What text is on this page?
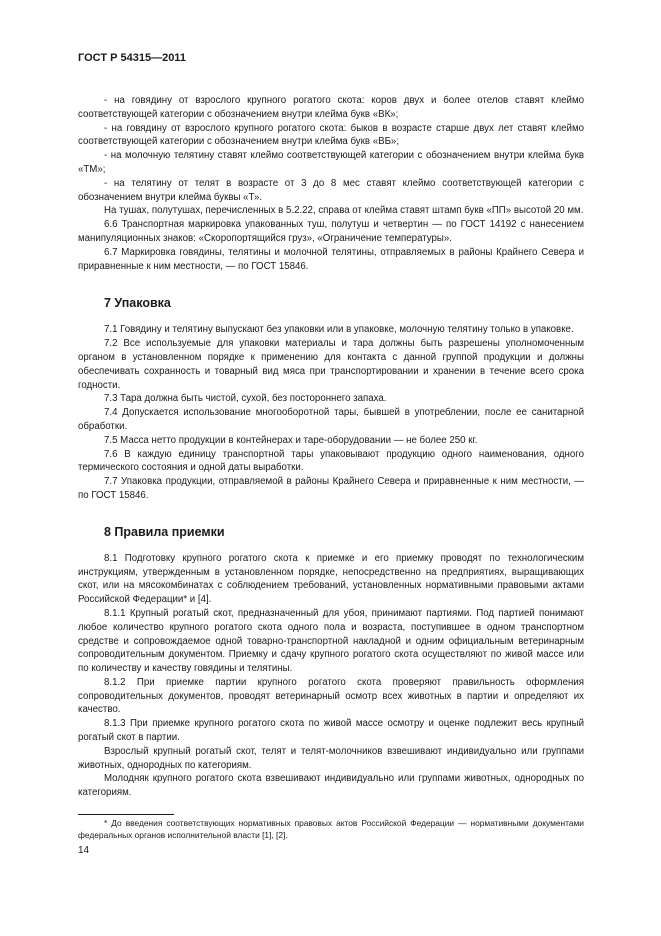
ГОСТ Р 54315—2011

- на говядину от взрослого крупного рогатого скота: коров двух и более отелов ставят клеймо соответствующей категории с обозначением внутри клейма букв «ВК»;

- на говядину от взрослого крупного рогатого скота: быков в возрасте старше двух лет ставят клеймо соответствующей категории с обозначением внутри клейма букв «ВБ»;

- на молочную телятину ставят клеймо соответствующей категории с обозначением внутри клейма букв «ТМ»;

- на телятину от телят в возрасте от 3 до 8 мес ставят клеймо соответствующей категории с обозначением внутри клейма буквы «Т».

На тушах, полутушах, перечисленных в 5.2.22, справа от клейма ставят штамп букв «ПП» высотой 20 мм.

6.6 Транспортная маркировка упакованных туш, полутуш и четвертин — по ГОСТ 14192 с нанесением манипуляционных знаков: «Скоропортящийся груз», «Ограничение температуры».

6.7 Маркировка говядины, телятины и молочной телятины, отправляемых в районы Крайнего Севера и приравненные к ним местности, — по ГОСТ 15846.

7 Упаковка

7.1 Говядину и телятину выпускают без упаковки или в упаковке, молочную телятину только в упаковке.

7.2 Все используемые для упаковки материалы и тара должны быть разрешены уполномоченным органом в установленном порядке к применению для контакта с данной группой продукции и должны обеспечивать сохранность и товарный вид мяса при транспортировании и хранении в течение всего срока годности.

7.3 Тара должна быть чистой, сухой, без постороннего запаха.

7.4 Допускается использование многооборотной тары, бывшей в употреблении, после ее санитарной обработки.

7.5 Масса нетто продукции в контейнерах и таре-оборудовании — не более 250 кг.

7.6 В каждую единицу транспортной тары упаковывают продукцию одного наименования, одного термического состояния и одной даты выработки.

7.7 Упаковка продукции, отправляемой в районы Крайнего Севера и приравненные к ним местности, — по ГОСТ 15846.

8 Правила приемки

8.1 Подготовку крупного рогатого скота к приемке и его приемку проводят по технологическим инструкциям, утвержденным в установленном порядке, непосредственно на предприятиях, выращивающих скот, или на мясокомбинатах с соблюдением требований, установленных нормативными правовыми актами Российской Федерации* и [4].

8.1.1 Крупный рогатый скот, предназначенный для убоя, принимают партиями. Под партией понимают любое количество крупного рогатого скота одного пола и возраста, поступившее в одном транспортном средстве и сопровождаемое одной товарно-транспортной накладной и одним официальным ветеринарным сопроводительным документом. Приемку и сдачу крупного рогатого скота осуществляют по живой массе или по количеству и качеству говядины и телятины.

8.1.2 При приемке партии крупного рогатого скота проверяют правильность оформления сопроводительных документов, проводят ветеринарный осмотр всех животных в партии и определяют их качество.

8.1.3 При приемке крупного рогатого скота по живой массе осмотру и оценке подлежит весь крупный рогатый скот в партии.

Взрослый крупный рогатый скот, телят и телят-молочников взвешивают индивидуально или группами животных, однородных по категориям.

Молодняк крупного рогатого скота взвешивают индивидуально или группами животных, однородных по категориям.

* До введения соответствующих нормативных правовых актов Российской Федерации — нормативными документами федеральных органов исполнительной власти [1], [2].

14
